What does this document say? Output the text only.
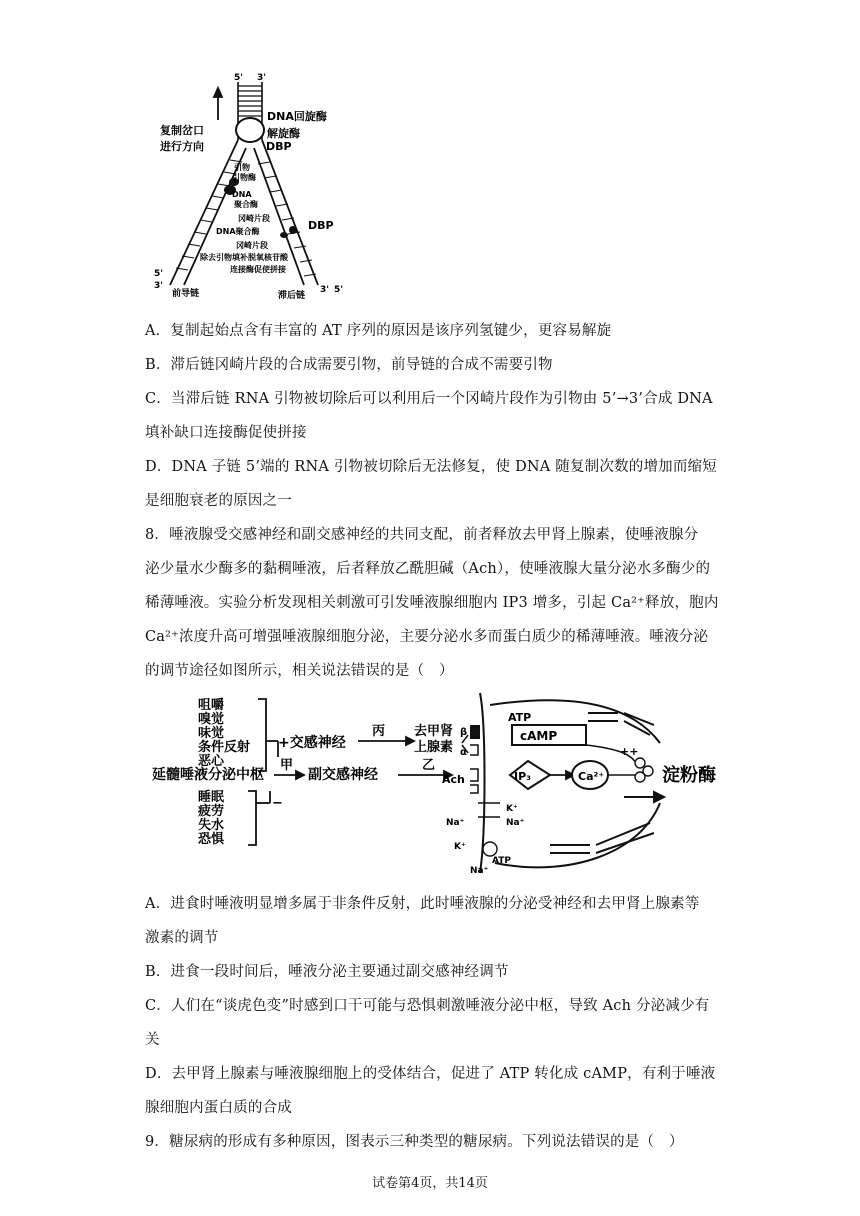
5' 3'
DNA回旋酶
解旋酶
DBP
复制岔口
进行方向
引物
引物酶
DNA
聚合酶
冈崎片段
DNA聚合酶	DBP
冈崎片段
除去引物填补脱氧核苷酸
连接酶促使拼接
前导链	滞后链
5'
3'	3' 5'
A．复制起始点含有丰富的 AT 序列的原因是该序列氢键少，更容易解旋
B．滞后链冈崎片段的合成需要引物，前导链的合成不需要引物
C．当滞后链 RNA 引物被切除后可以利用后一个冈崎片段作为引物由 5’→3’合成 DNA
填补缺口连接酶促使拼接
D．DNA 子链 5’端的 RNA 引物被切除后无法修复，使 DNA 随复制次数的增加而缩短
是细胞衰老的原因之一
8．唾液腺受交感神经和副交感神经的共同支配，前者释放去甲肾上腺素，使唾液腺分
泌少量水少酶多的黏稠唾液，后者释放乙酰胆碱（Ach），使唾液腺大量分泌水多酶少的
稀薄唾液。实验分析发现相关刺激可引发唾液腺细胞内 IP3 增多，引起 Ca²⁺释放，胞内
Ca²⁺浓度升高可增强唾液腺细胞分泌，主要分泌水多而蛋白质少的稀薄唾液。唾液分泌
的调节途径如图所示，相关说法错误的是（　）
咀嚼
嗅觉
味觉
条件反射
恶心
+交感神经
丙 去甲肾
上腺素
延髓唾液分泌中枢
甲
副交感神经
乙
Ach
睡眠
疲劳
失水
恐惧
−
β
α
ATP
cAMP
IP₃	Ca²⁺
++
淀粉酶
Na⁺
K⁺
Na⁺
K⁺
Na⁺
ATP
A．进食时唾液明显增多属于非条件反射，此时唾液腺的分泌受神经和去甲肾上腺素等
激素的调节
B．进食一段时间后，唾液分泌主要通过副交感神经调节
C．人们在“谈虎色变”时感到口干可能与恐惧刺激唾液分泌中枢，导致 Ach 分泌减少有
关
D．去甲肾上腺素与唾液腺细胞上的受体结合，促进了 ATP 转化成 cAMP，有利于唾液
腺细胞内蛋白质的合成
9．糖尿病的形成有多种原因，图表示三种类型的糖尿病。下列说法错误的是（　）
试卷第4页，共14页
